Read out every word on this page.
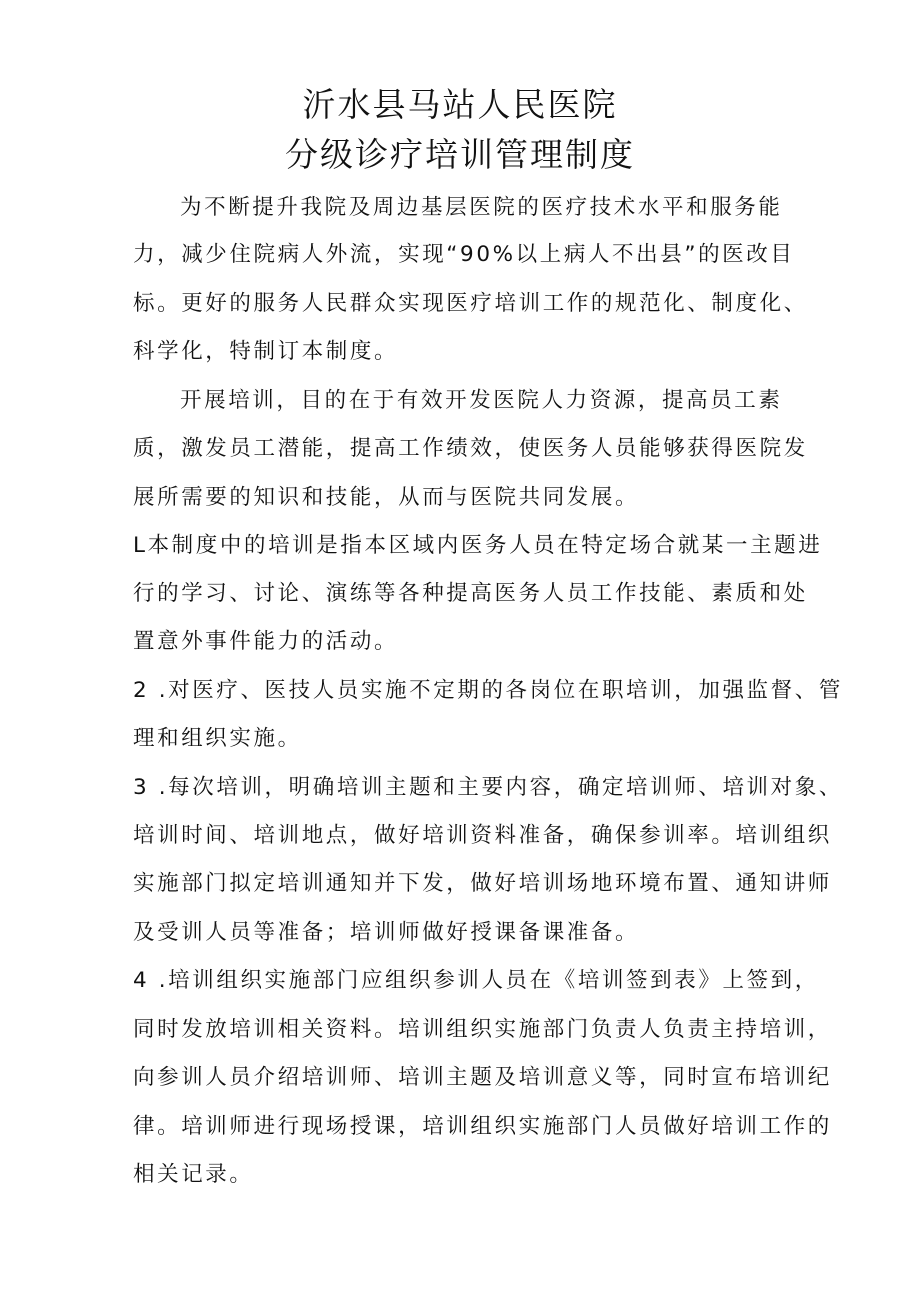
沂水县马站人民医院
分级诊疗培训管理制度
为不断提升我院及周边基层医院的医疗技术水平和服务能
力，减少住院病人外流，实现“90%以上病人不出县”的医改目
标。更好的服务人民群众实现医疗培训工作的规范化、制度化、
科学化，特制订本制度。
开展培训，目的在于有效开发医院人力资源，提高员工素
质，激发员工潜能，提高工作绩效，使医务人员能够获得医院发
展所需要的知识和技能，从而与医院共同发展。
L本制度中的培训是指本区域内医务人员在特定场合就某一主题进
行的学习、讨论、演练等各种提高医务人员工作技能、素质和处
置意外事件能力的活动。
2 .对医疗、医技人员实施不定期的各岗位在职培训，加强监督、管
理和组织实施。
3 .每次培训，明确培训主题和主要内容，确定培训师、培训对象、
培训时间、培训地点，做好培训资料准备，确保参训率。培训组织
实施部门拟定培训通知并下发，做好培训场地环境布置、通知讲师
及受训人员等准备；培训师做好授课备课准备。
4 .培训组织实施部门应组织参训人员在《培训签到表》上签到，
同时发放培训相关资料。培训组织实施部门负责人负责主持培训，
向参训人员介绍培训师、培训主题及培训意义等，同时宣布培训纪
律。培训师进行现场授课，培训组织实施部门人员做好培训工作的
相关记录。
